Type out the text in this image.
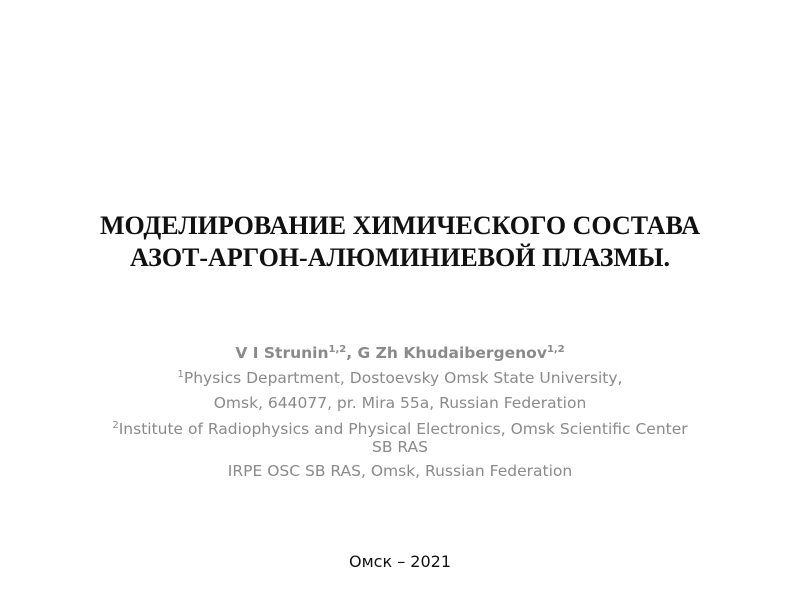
МОДЕЛИРОВАНИЕ ХИМИЧЕСКОГО СОСТАВА
АЗОТ-АРГОН-АЛЮМИНИЕВОЙ ПЛАЗМЫ.
V I Strunin$^{1,2}$, G Zh Khudaibergenov$^{1,2}$
$^1$Physics Department, Dostoevsky Omsk State University,
Omsk, 644077, pr. Mira 55a, Russian Federation
$^2$Institute of Radiophysics and Physical Electronics, Omsk Scientific Center SB RAS
IRPE OSC SB RAS, Omsk, Russian Federation
Омск – 2021
